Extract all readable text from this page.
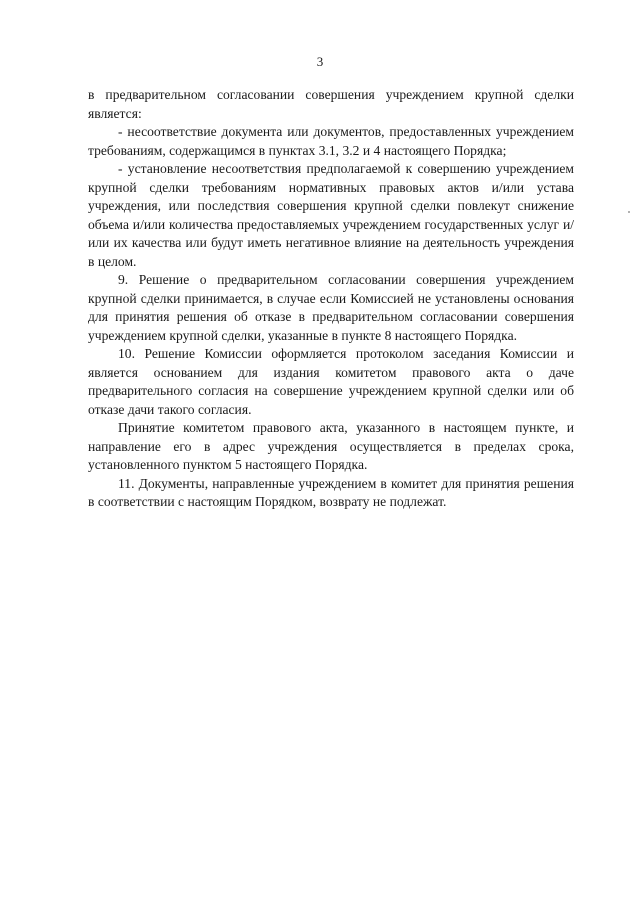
3

в предварительном согласовании совершения учреждением крупной сделки является:

- несоответствие документа или документов, предоставленных учреждением требованиям, содержащимся в пунктах 3.1, 3.2 и 4 настоящего Порядка;

- установление несоответствия предполагаемой к совершению учреждением крупной сделки требованиям нормативных правовых актов и/или устава учреждения, или последствия совершения крупной сделки повлекут снижение объема и/или количества предоставляемых учреждением государственных услуг и/или их качества или будут иметь негативное влияние на деятельность учреждения в целом.

9. Решение о предварительном согласовании совершения учреждением крупной сделки принимается, в случае если Комиссией не установлены основания для принятия решения об отказе в предварительном согласовании совершения учреждением крупной сделки, указанные в пункте 8 настоящего Порядка.

10. Решение Комиссии оформляется протоколом заседания Комиссии и является основанием для издания комитетом правового акта о даче предварительного согласия на совершение учреждением крупной сделки или об отказе дачи такого согласия.

Принятие комитетом правового акта, указанного в настоящем пункте, и направление его в адрес учреждения осуществляется в пределах срока, установленного пунктом 5 настоящего Порядка.

11. Документы, направленные учреждением в комитет для принятия решения в соответствии с настоящим Порядком, возврату не подлежат.
